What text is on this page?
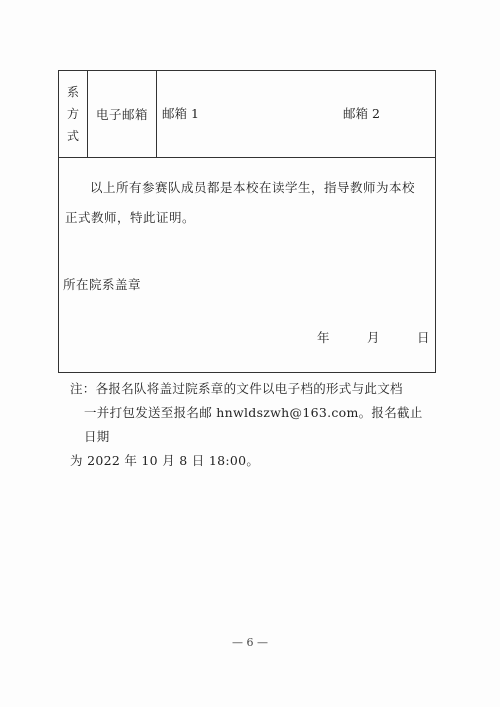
系
方
式
电子邮箱 邮箱 1	邮箱 2
以上所有参赛队成员都是本校在读学生，指导教师为本校正式教师，特此证明。
所在院系盖章
年	月	日

注：各报名队将盖过院系章的文件以电子档的形式与此文档

一并打包发送至报名邮 hnwldszwh@163.com。报名截止日期

为 2022 年 10 月 8 日 18:00。

— 6 —
